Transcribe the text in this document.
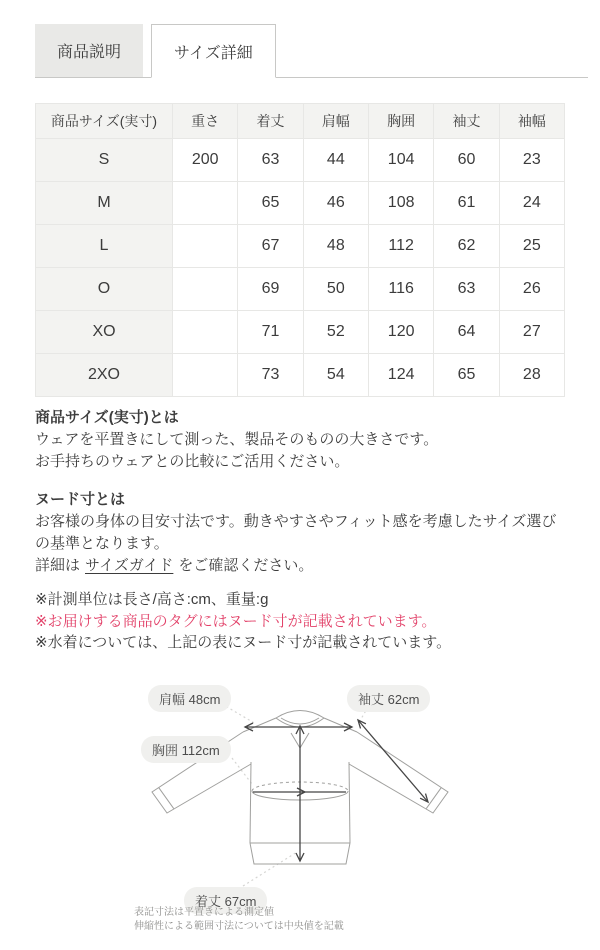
商品説明	サイズ詳細
商品サイズ(実寸)	重さ	着丈	肩幅	胸囲	袖丈	袖幅
S	200	63	44	104	60	23
M		65	46	108	61	24
L		67	48	112	62	25
O		69	50	116	63	26
XO		71	52	120	64	27
2XO		73	54	124	65	28
商品サイズ(実寸)とは
ウェアを平置きにして測った、製品そのものの大きさです。
お手持ちのウェアとの比較にご活用ください。
ヌード寸とは
お客様の身体の目安寸法です。動きやすさやフィット感を考慮したサイズ選び
の基準となります。
詳細は サイズガイド をご確認ください。
※計測単位は長さ/高さ:cm、重量:g
※お届けする商品のタグにはヌード寸が記載されています。
※水着については、上記の表にヌード寸が記載されています。
肩幅 48cm	袖丈 62cm
胸囲 112cm
着丈 67cm
表記寸法は平置きによる測定値
伸縮性による範囲寸法については中央値を記載
